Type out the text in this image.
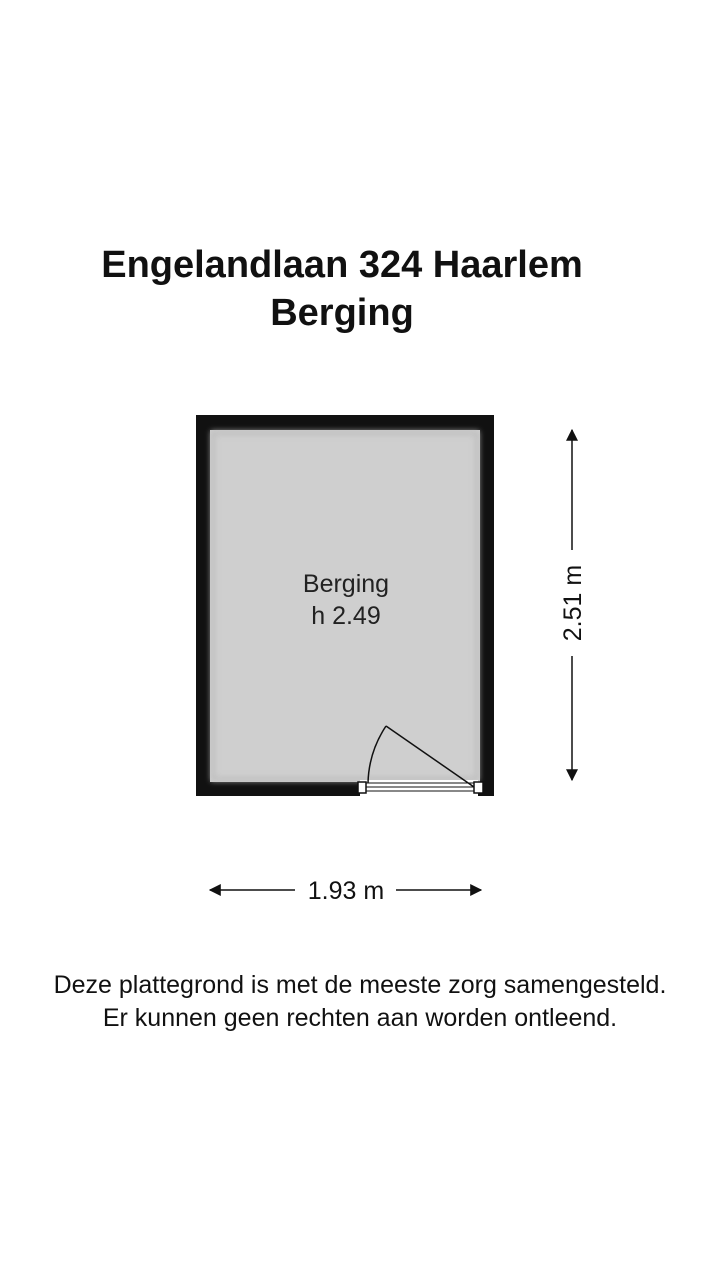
Engelandlaan 324 Haarlem
Berging
Berging
h 2.49	2.51 m
1.93 m
Deze plattegrond is met de meeste zorg samengesteld.
Er kunnen geen rechten aan worden ontleend.
